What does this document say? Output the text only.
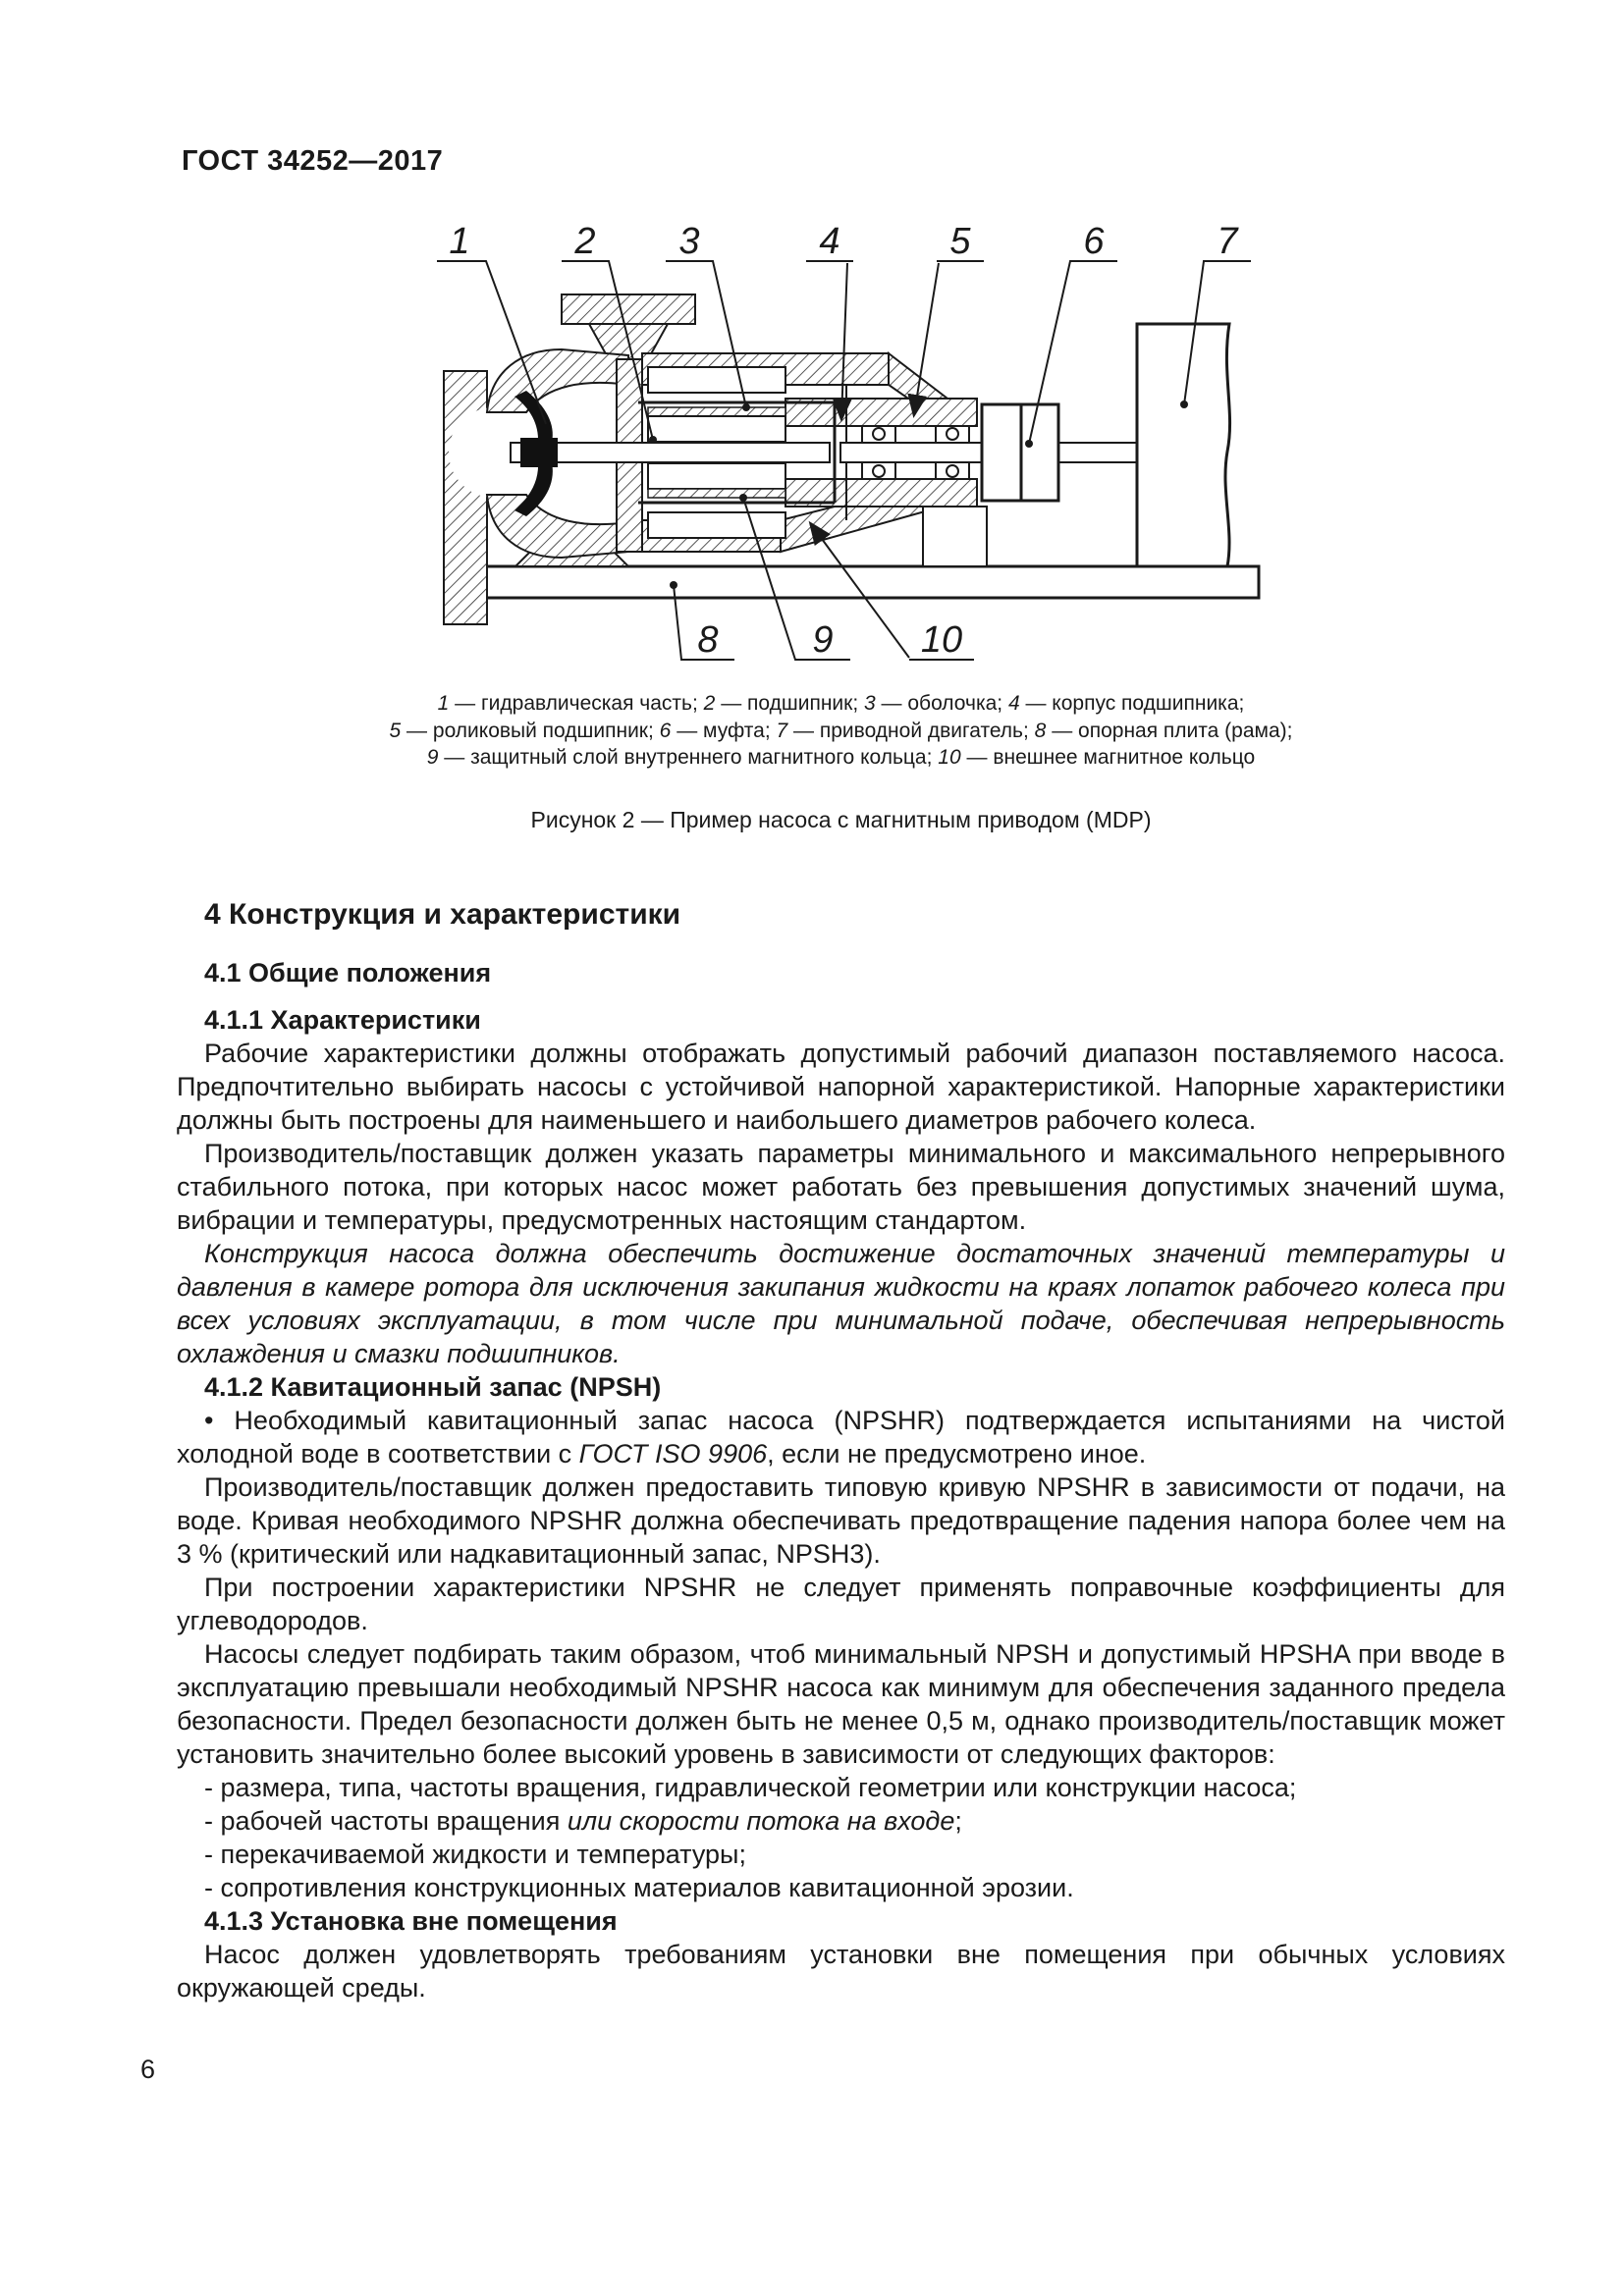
ГОСТ 34252—2017
1	2 3	4	5	6	7
8	9 10
1 — гидравлическая часть; 2 — подшипник; 3 — оболочка; 4 — корпус подшипника;
5 — роликовый подшипник; 6 — муфта; 7 — приводной двигатель; 8 — опорная плита (рама);
9 — защитный слой внутреннего магнитного кольца; 10 — внешнее магнитное кольцо
Рисунок 2 — Пример насоса с магнитным приводом (MDP)
4 Конструкция и характеристики
4.1 Общие положения
4.1.1 Характеристики
Рабочие характеристики должны отображать допустимый рабочий диапазон поставляемого насоса. Предпочтительно выбирать насосы с устойчивой напорной характеристикой. Напорные характеристики должны быть построены для наименьшего и наибольшего диаметров рабочего колеса.
Производитель/поставщик должен указать параметры минимального и максимального непрерывного стабильного потока, при которых насос может работать без превышения допустимых значений шума, вибрации и температуры, предусмотренных настоящим стандартом.
Конструкция насоса должна обеспечить достижение достаточных значений температуры и давления в камере ротора для исключения закипания жидкости на краях лопаток рабочего колеса при всех условиях эксплуатации, в том числе при минимальной подаче, обеспечивая непрерывность охлаждения и смазки подшипников.
4.1.2 Кавитационный запас (NPSH)
• Необходимый кавитационный запас насоса (NPSHR) подтверждается испытаниями на чистой холодной воде в соответствии с ГОСТ ISO 9906, если не предусмотрено иное.
Производитель/поставщик должен предоставить типовую кривую NPSHR в зависимости от подачи, на воде. Кривая необходимого NPSHR должна обеспечивать предотвращение падения напора более чем на 3 % (критический или надкавитационный запас, NPSH3).
При построении характеристики NPSHR не следует применять поправочные коэффициенты для углеводородов.
Насосы следует подбирать таким образом, чтоб минимальный NPSH и допустимый HPSHA при вводе в эксплуатацию превышали необходимый NPSHR насоса как минимум для обеспечения заданного предела безопасности. Предел безопасности должен быть не менее 0,5 м, однако производитель/поставщик может установить значительно более высокий уровень в зависимости от следующих факторов:
- размера, типа, частоты вращения, гидравлической геометрии или конструкции насоса;
- рабочей частоты вращения или скорости потока на входе;
- перекачиваемой жидкости и температуры;
- сопротивления конструкционных материалов кавитационной эрозии.
4.1.3 Установка вне помещения
Насос должен удовлетворять требованиям установки вне помещения при обычных условиях окружающей среды.
6
